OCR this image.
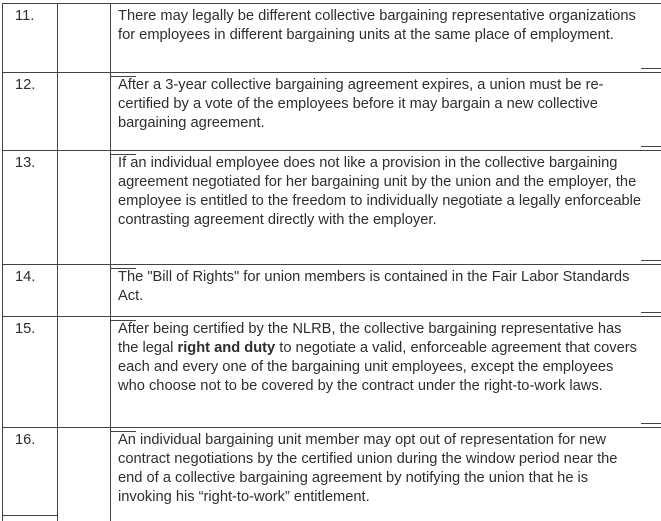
11.	There may legally be different collective bargaining representative organizations for employees in different bargaining units at the same place of employment.

12.	After a 3-year collective bargaining agreement expires, a union must be re-certified by a vote of the employees before it may bargain a new collective bargaining agreement.

13.	If an individual employee does not like a provision in the collective bargaining agreement negotiated for her bargaining unit by the union and the employer, the employee is entitled to the freedom to individually negotiate a legally enforceable contrasting agreement directly with the employer.

14.	The "Bill of Rights" for union members is contained in the Fair Labor Standards Act.

15.	After being certified by the NLRB, the collective bargaining representative has the legal right and duty to negotiate a valid, enforceable agreement that covers each and every one of the bargaining unit employees, except the employees who choose not to be covered by the contract under the right-to-work laws.

16.	An individual bargaining unit member may opt out of representation for new contract negotiations by the certified union during the window period near the end of a collective bargaining agreement by notifying the union that he is invoking his “right-to-work” entitlement.
